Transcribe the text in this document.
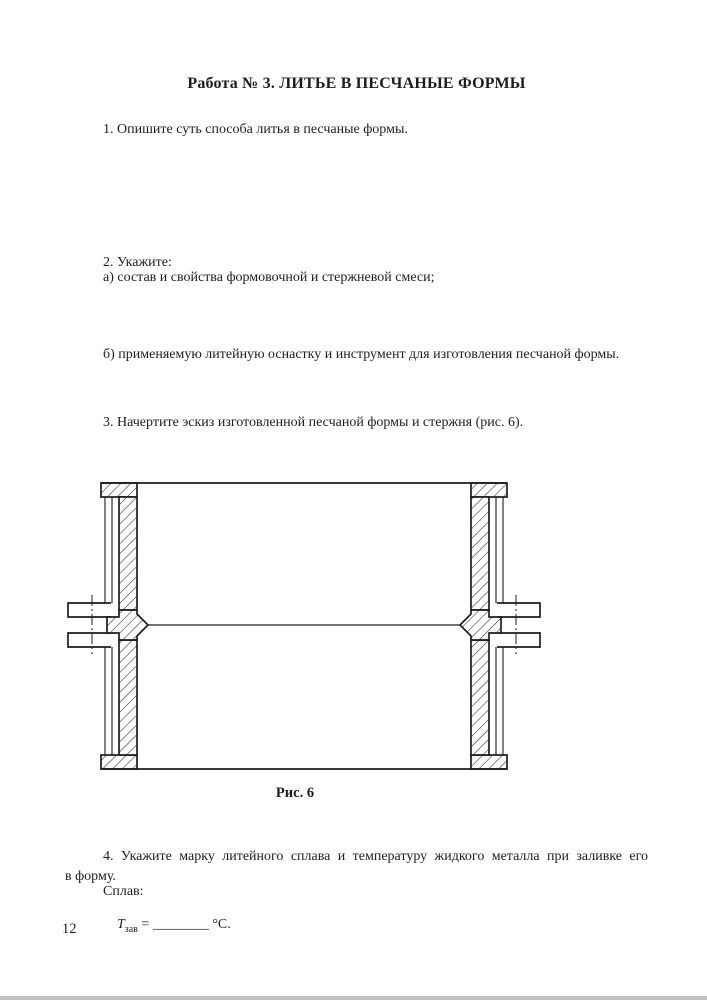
Работа № 3. ЛИТЬЕ В ПЕСЧАНЫЕ ФОРМЫ
1. Опишите суть способа литья в песчаные формы.
2. Укажите:
а) состав и свойства формовочной и стержневой смеси;
б) применяемую литейную оснастку и инструмент для изготовления песчаной формы.
3. Начертите эскиз изготовленной песчаной формы и стержня (рис. 6).
Рис. 6
4. Укажите марку литейного сплава и температуру жидкого металла при заливке его
в форму.
Сплав:

$T_{зав}$ = ________ °С.

12
